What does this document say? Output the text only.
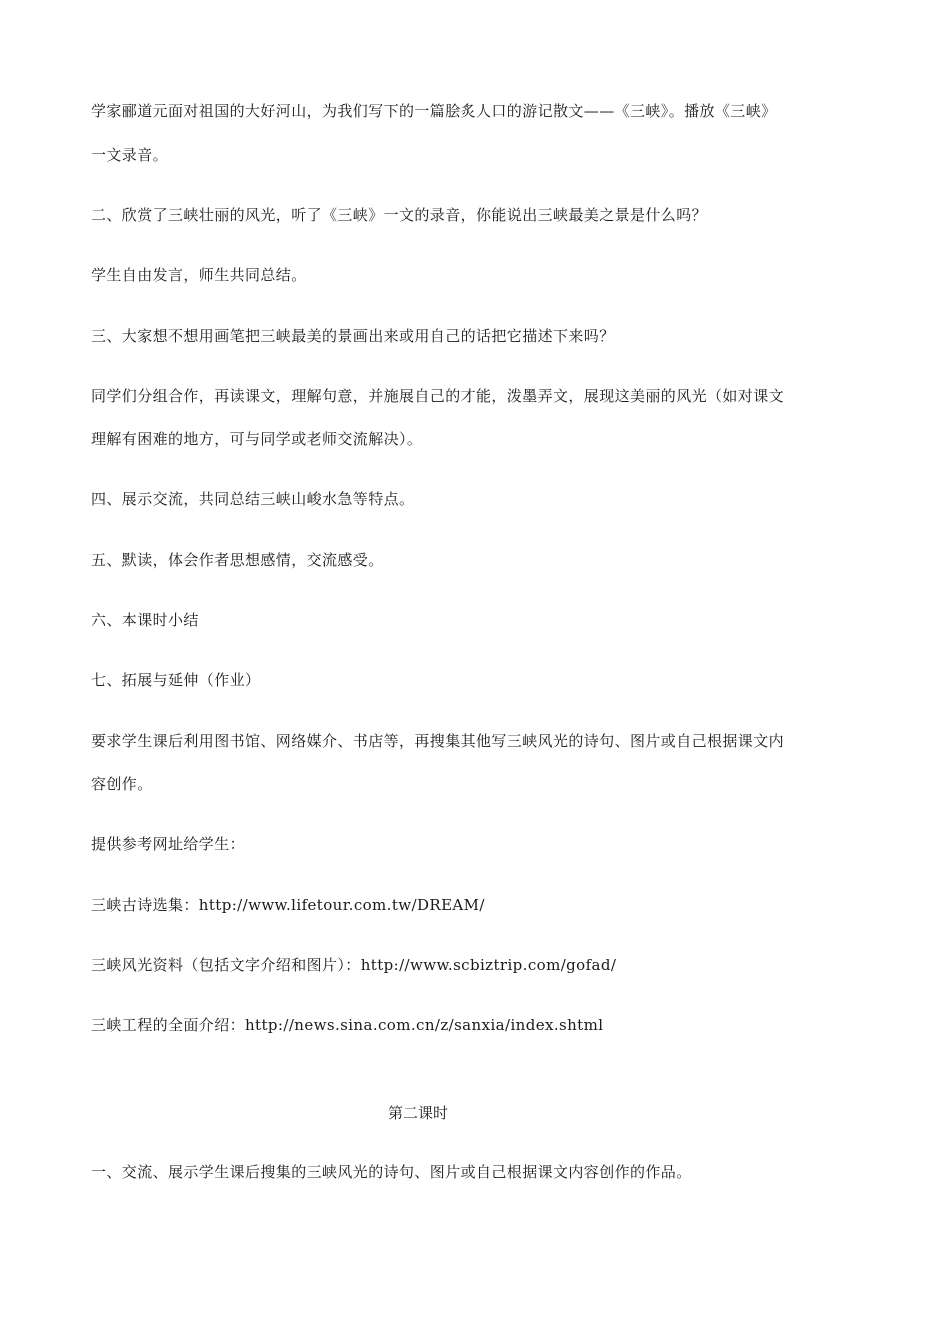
学家郦道元面对祖国的大好河山，为我们写下的一篇脍炙人口的游记散文——《三峡》。播放《三峡》
一文录音。
二、欣赏了三峡壮丽的风光，听了《三峡》一文的录音，你能说出三峡最美之景是什么吗？
学生自由发言，师生共同总结。
三、大家想不想用画笔把三峡最美的景画出来或用自己的话把它描述下来吗？
同学们分组合作，再读课文，理解句意，并施展自己的才能，泼墨弄文，展现这美丽的风光（如对课文
理解有困难的地方，可与同学或老师交流解决）。
四、展示交流，共同总结三峡山峻水急等特点。
五、默读，体会作者思想感情，交流感受。
六、本课时小结
七、拓展与延伸（作业）
要求学生课后利用图书馆、网络媒介、书店等，再搜集其他写三峡风光的诗句、图片或自己根据课文内
容创作。
提供参考网址给学生：
三峡古诗选集：http://www.lifetour.com.tw/DREAM/
三峡风光资料（包括文字介绍和图片）：http://www.scbiztrip.com/gofad/
三峡工程的全面介绍：http://news.sina.com.cn/z/sanxia/index.shtml
第二课时
一、交流、展示学生课后搜集的三峡风光的诗句、图片或自己根据课文内容创作的作品。
